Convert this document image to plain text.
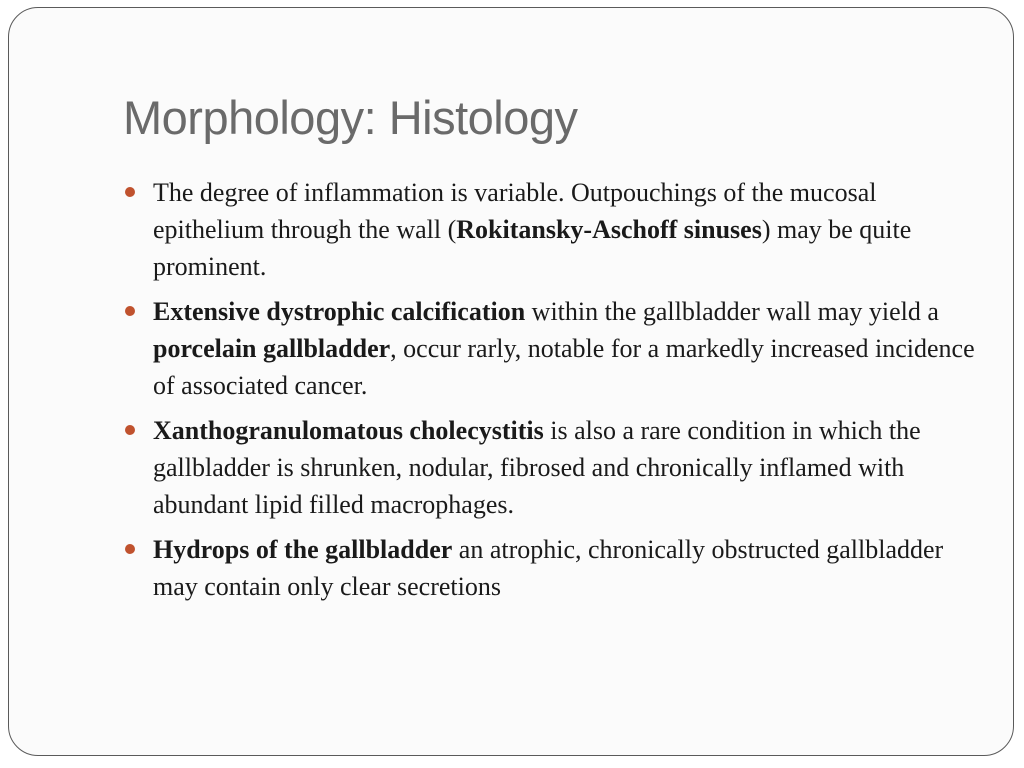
Morphology: Histology
The degree of inflammation is variable. Outpouchings of the mucosal epithelium through the wall (Rokitansky-Aschoff sinuses) may be quite prominent.
Extensive dystrophic calcification within the gallbladder wall may yield a porcelain gallbladder, occur rarly, notable for a markedly increased incidence of associated cancer.
Xanthogranulomatous cholecystitis is also a rare condition in which the gallbladder is shrunken, nodular, fibrosed and chronically inflamed with abundant lipid filled macrophages.
Hydrops of the gallbladder an atrophic, chronically obstructed gallbladder may contain only clear secretions
